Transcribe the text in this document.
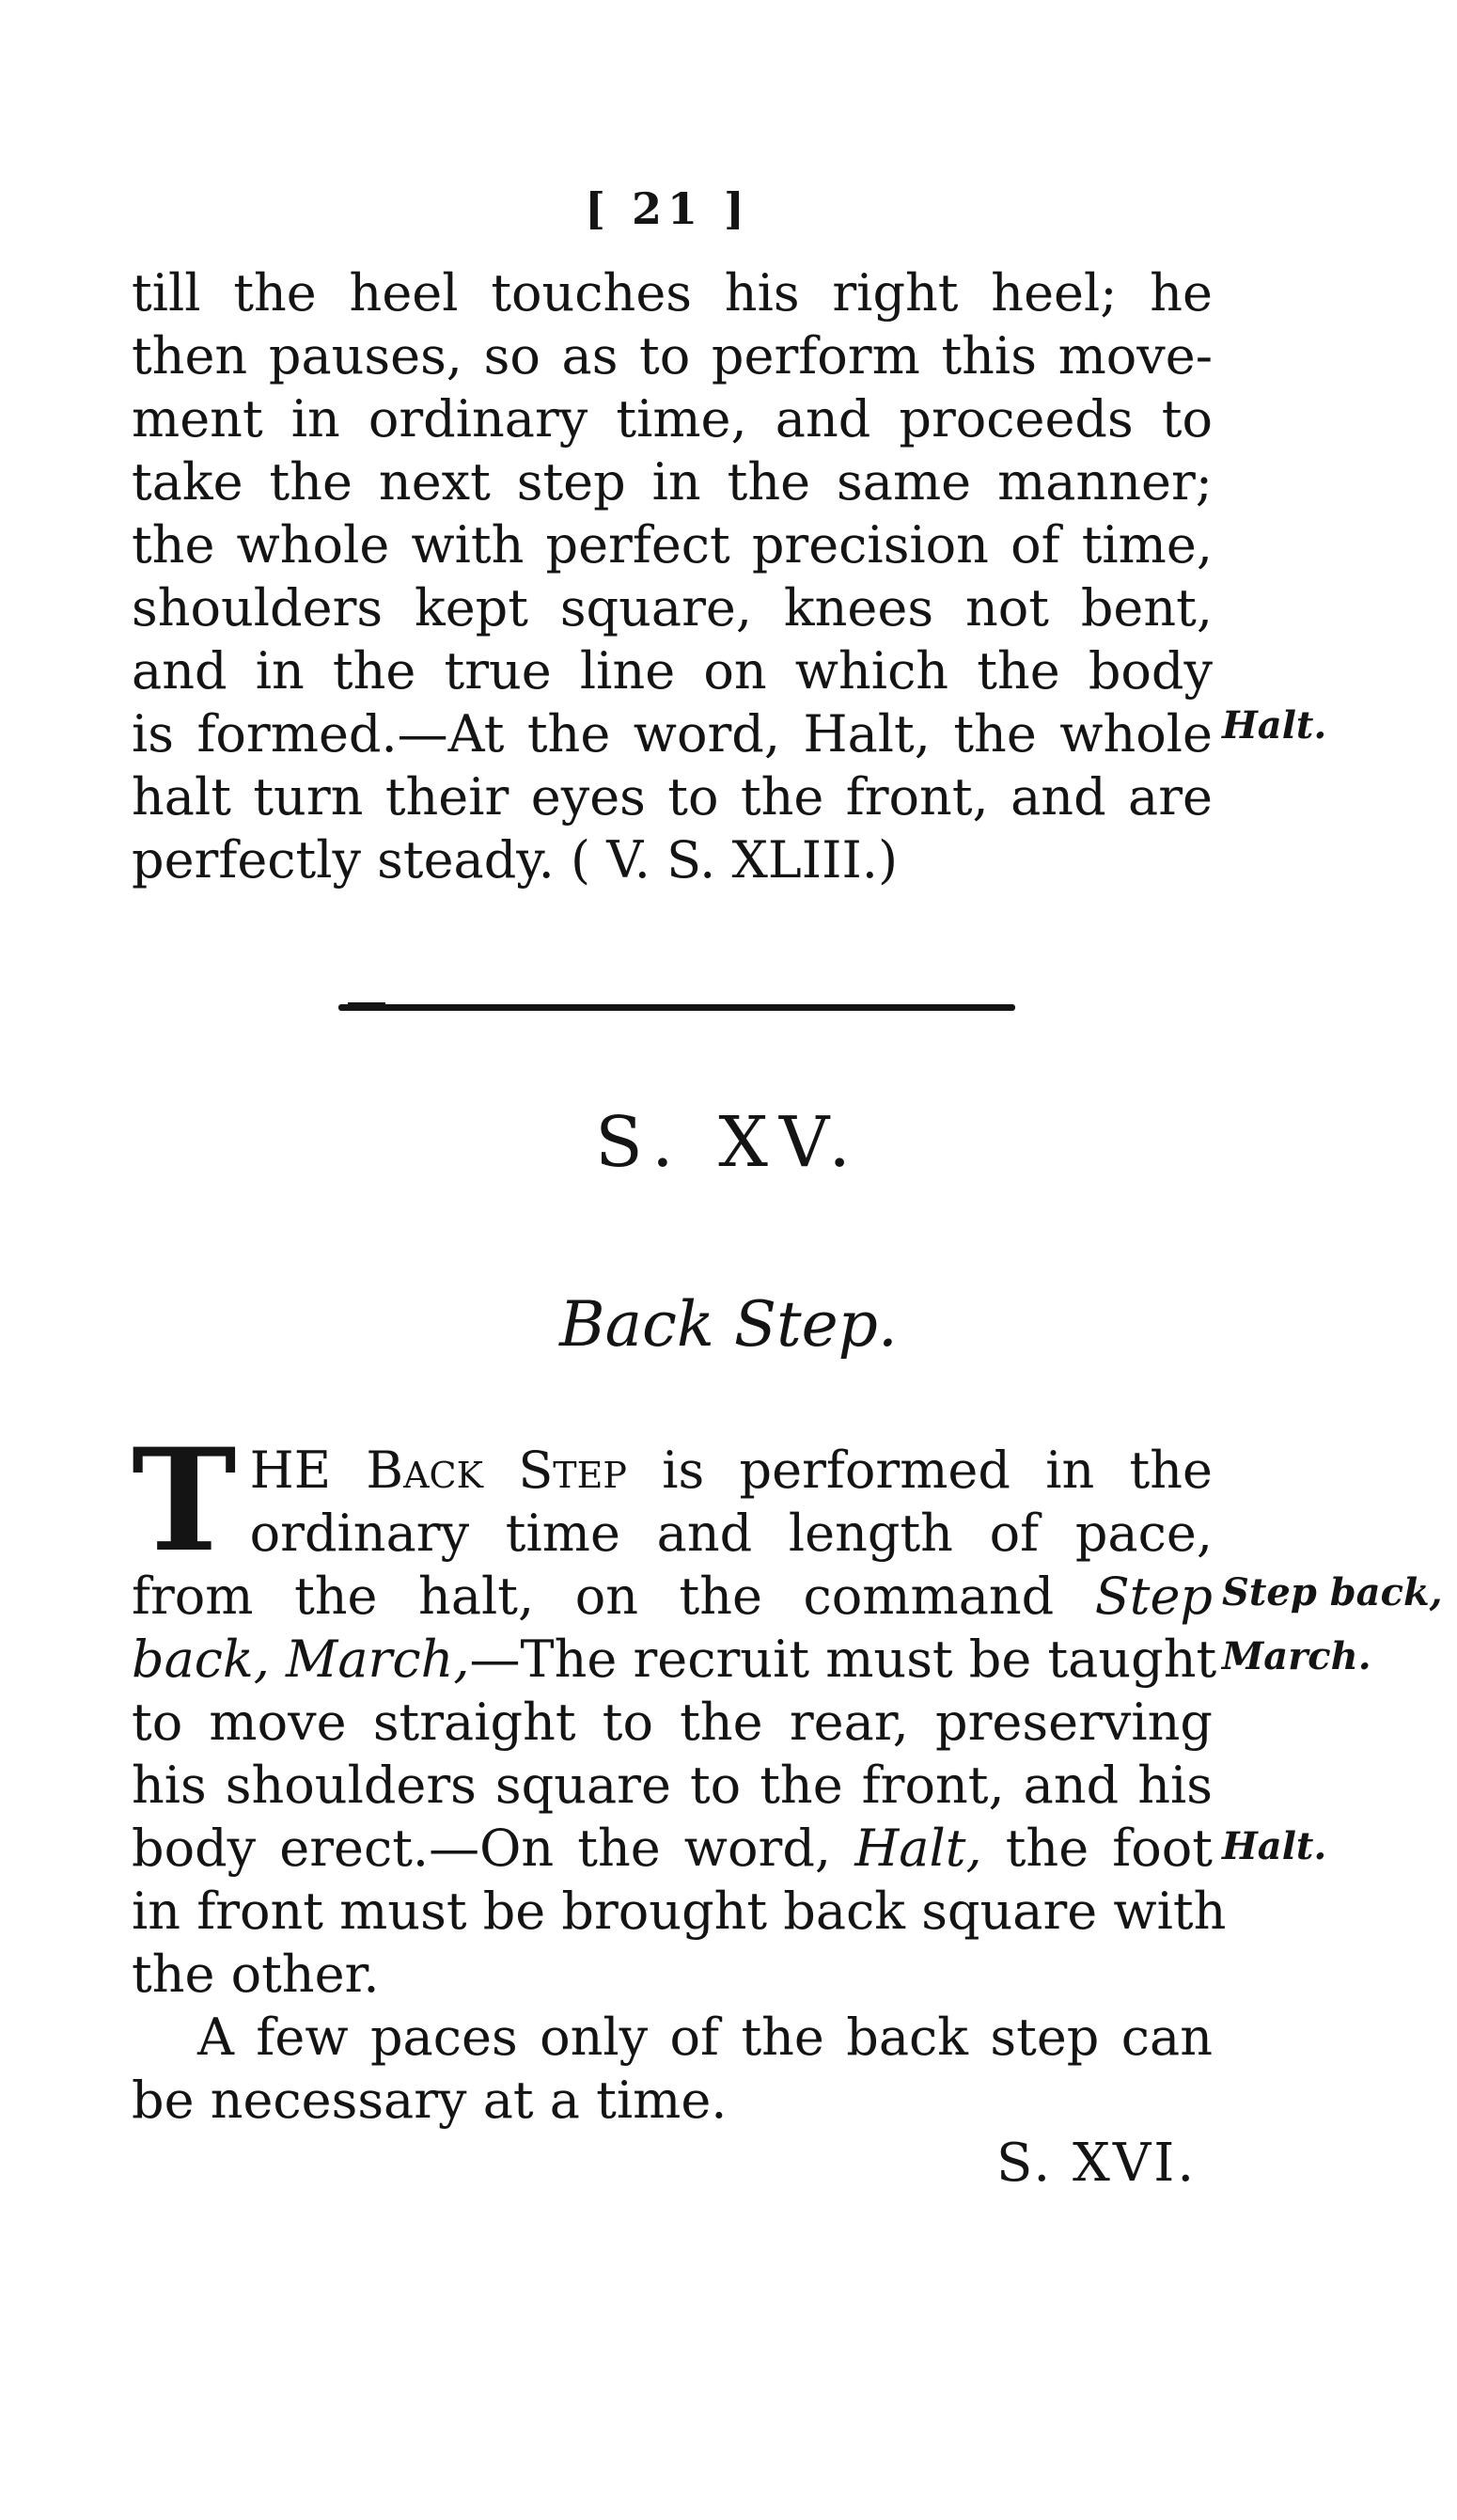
[ 21 ]
till the heel touches his right heel; he
then pauses, so as to perform this move-
ment in ordinary time, and proceeds to
take the next step in the same manner;
the whole with perfect precision of time,
shoulders kept square, knees not bent,
and in the true line on which the body
is formed.—At the word, Halt, the whole
halt turn their eyes to the front, and are
perfectly steady. ( V. S. XLIII.)
Halt.
S. XV.
Back Step.
T HE Back Step is performed in the
ordinary time and length of pace,
from the halt, on the command Step
back, March,—The recruit must be taught
to move straight to the rear, preserving
his shoulders square to the front, and his
body erect.—On the word, Halt, the foot
in front must be brought back square with
the other.
A few paces only of the back step can
be necessary at a time.
Step back,
March.
Halt.
S. XVI.
